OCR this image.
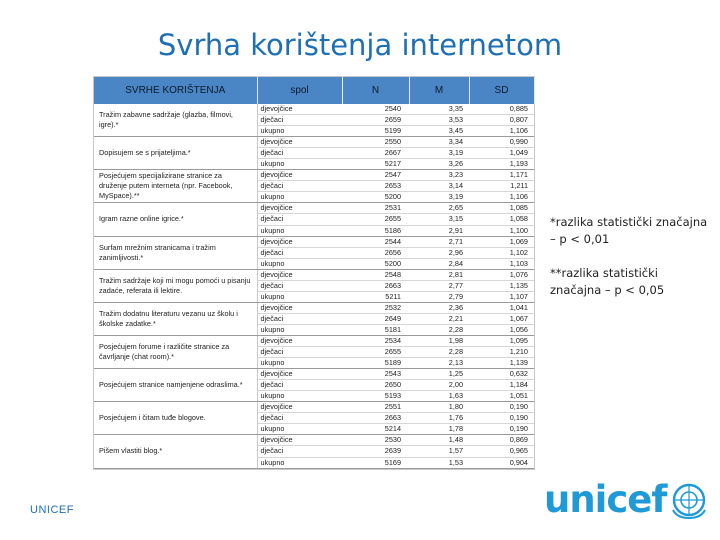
Svrha korištenja internetom
SVRHE KORIŠTENJA	spol	N	M	SD
Tražim zabavne sadržaje (glazba, filmovi, igre).*	djevojčice	2540	3,35	0,885
	dječaci	2659	3,53	0,807
	ukupno	5199	3,45	1,106
Dopisujem se s prijateljima.*	djevojčice	2550	3,34	0,990
	dječaci	2667	3,19	1,049
	ukupno	5217	3,26	1,193
Posjećujem specijalizirane stranice za druženje putem interneta (npr. Facebook, MySpace).**	djevojčice	2547	3,23	1,171
	dječaci	2653	3,14	1,211
	ukupno	5200	3,19	1,106
Igram razne online igrice.*	djevojčice	2531	2,65	1,085
	dječaci	2655	3,15	1,058
	ukupno	5186	2,91	1,100
Surfam mrežnim stranicama i tražim zanimljivosti.*	djevojčice	2544	2,71	1,069
	dječaci	2656	2,96	1,102
	ukupno	5200	2,84	1,103
Tražim sadržaje koji mi mogu pomoći u pisanju zadaće, referata ili lektire.	djevojčice	2548	2,81	1,076
	dječaci	2663	2,77	1,135
	ukupno	5211	2,79	1,107
Tražim dodatnu literaturu vezanu uz školu i školske zadatke.*	djevojčice	2532	2,36	1,041
	dječaci	2649	2,21	1,067
	ukupno	5181	2,28	1,056
Posjećujem forume i različite stranice za čavrljanje (chat room).*	djevojčice	2534	1,98	1,095
	dječaci	2655	2,28	1,210
	ukupno	5189	2,13	1,139
Posjećujem stranice namjenjene odraslima.*	djevojčice	2543	1,25	0,632
	dječaci	2650	2,00	1,184
	ukupno	5193	1,63	1,051
Posjećujem i čitam tuđe blogove.	djevojčice	2551	1,80	0,190
	dječaci	2663	1,76	0,190
	ukupno	5214	1,78	0,190
Pišem vlastiti blog.*	djevojčice	2530	1,48	0,869
	dječaci	2639	1,57	0,965
	ukupno	5169	1,53	0,904
*razlika statistički značajna – p < 0,01
**razlika statistički značajna – p < 0,05
UNICEF	unicef
